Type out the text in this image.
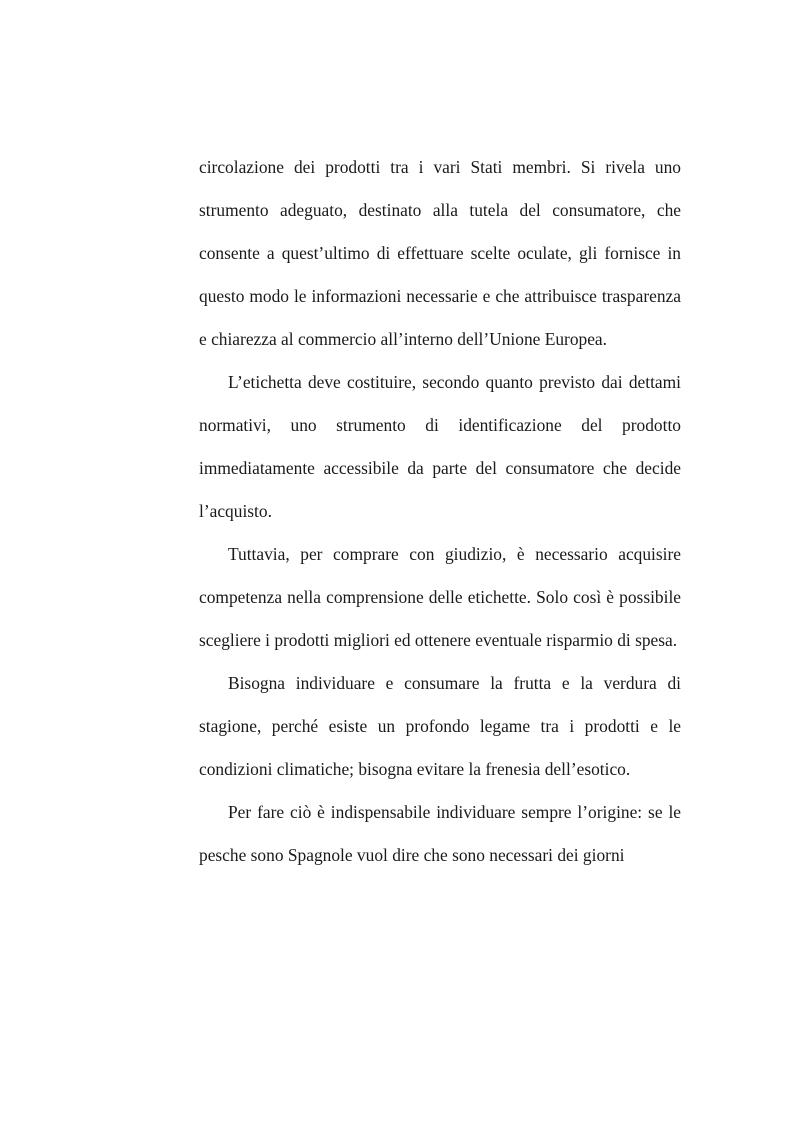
circolazione dei prodotti tra i vari Stati membri. Si rivela uno strumento adeguato, destinato alla tutela del consumatore, che consente a quest’ultimo di effettuare scelte oculate, gli fornisce in questo modo le informazioni necessarie e che attribuisce trasparenza e chiarezza al commercio all’interno dell’Unione Europea.

L’etichetta deve costituire, secondo quanto previsto dai dettami normativi, uno strumento di identificazione del prodotto immediatamente accessibile da parte del consumatore che decide l’acquisto.

Tuttavia, per comprare con giudizio, è necessario acquisire competenza nella comprensione delle etichette. Solo così è possibile scegliere i prodotti migliori ed ottenere eventuale risparmio di spesa.

Bisogna individuare e consumare la frutta e la verdura di stagione, perché esiste un profondo legame tra i prodotti e le condizioni climatiche; bisogna evitare la frenesia dell’esotico.

Per fare ciò è indispensabile individuare sempre l’origine: se le pesche sono Spagnole vuol dire che sono necessari dei giorni
